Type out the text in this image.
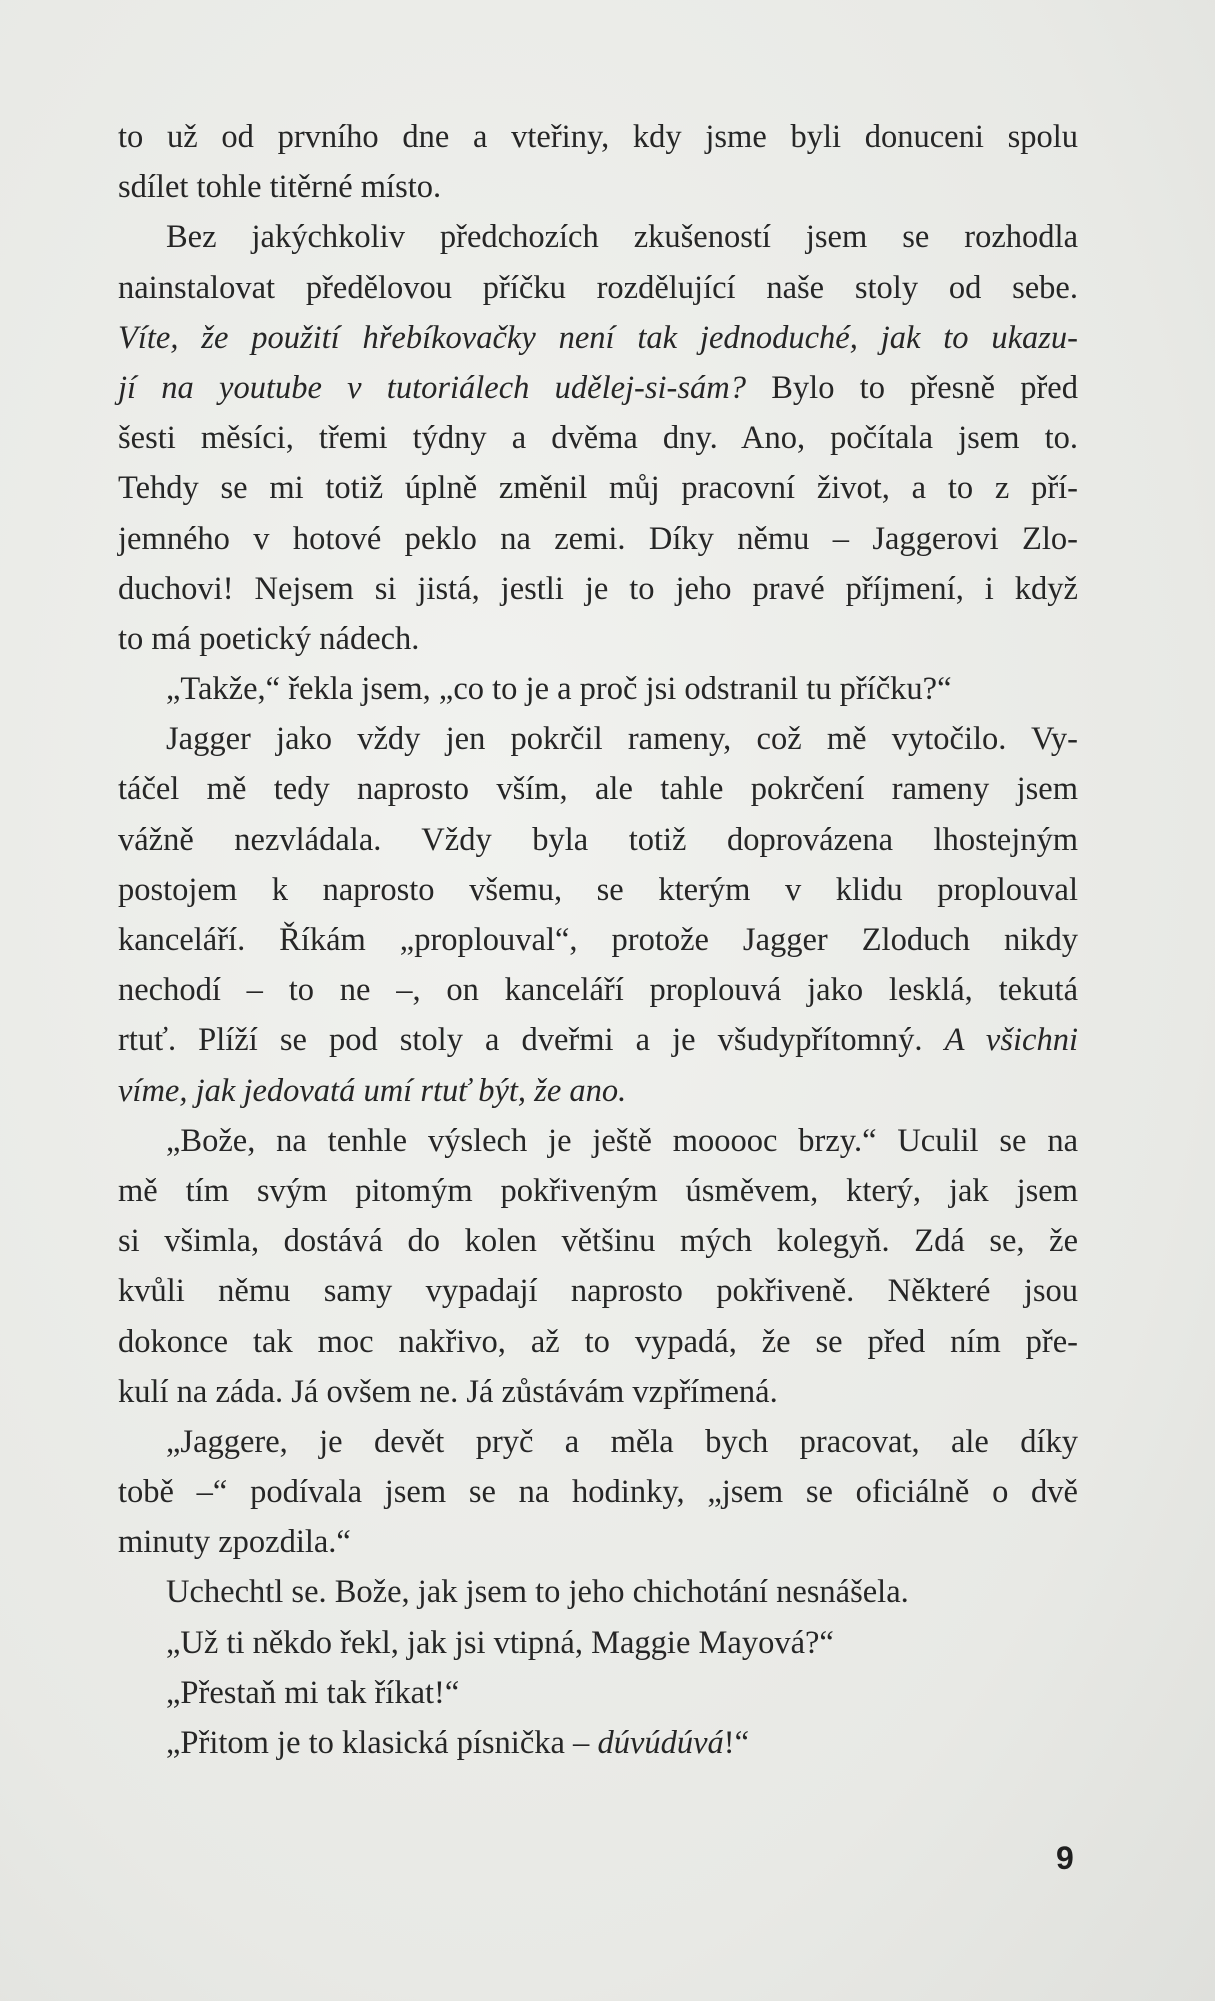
to už od prvního dne a vteřiny, kdy jsme byli donuceni spolu
sdílet tohle titěrné místo.
Bez jakýchkoliv předchozích zkušeností jsem se rozhodla
nainstalovat předělovou příčku rozdělující naše stoly od sebe.
Víte, že použití hřebíkovačky není tak jednoduché, jak to ukazu-
jí na youtube v tutoriálech udělej-si-sám? Bylo to přesně před
šesti měsíci, třemi týdny a dvěma dny. Ano, počítala jsem to.
Tehdy se mi totiž úplně změnil můj pracovní život, a to z pří-
jemného v hotové peklo na zemi. Díky němu – Jaggerovi Zlo-
duchovi! Nejsem si jistá, jestli je to jeho pravé příjmení, i když
to má poetický nádech.
„Takže,“ řekla jsem, „co to je a proč jsi odstranil tu příčku?“
Jagger jako vždy jen pokrčil rameny, což mě vytočilo. Vy-
táčel mě tedy naprosto vším, ale tahle pokrčení rameny jsem
vážně nezvládala. Vždy byla totiž doprovázena lhostejným
postojem k naprosto všemu, se kterým v klidu proplouval
kanceláří. Říkám „proplouval“, protože Jagger Zloduch nikdy
nechodí – to ne –, on kanceláří proplouvá jako lesklá, tekutá
rtuť. Plíží se pod stoly a dveřmi a je všudypřítomný. A všichni
víme, jak jedovatá umí rtuť být, že ano.
„Bože, na tenhle výslech je ještě mooooc brzy.“ Uculil se na
mě tím svým pitomým pokřiveným úsměvem, který, jak jsem
si všimla, dostává do kolen většinu mých kolegyň. Zdá se, že
kvůli němu samy vypadají naprosto pokřiveně. Některé jsou
dokonce tak moc nakřivo, až to vypadá, že se před ním pře-
kulí na záda. Já ovšem ne. Já zůstávám vzpřímená.
„Jaggere, je devět pryč a měla bych pracovat, ale díky
tobě –“ podívala jsem se na hodinky, „jsem se oficiálně o dvě
minuty zpozdila.“
Uchechtl se. Bože, jak jsem to jeho chichotání nesnášela.
„Už ti někdo řekl, jak jsi vtipná, Maggie Mayová?“
„Přestaň mi tak říkat!“
„Přitom je to klasická písnička – dúvúdúvá!“
9
